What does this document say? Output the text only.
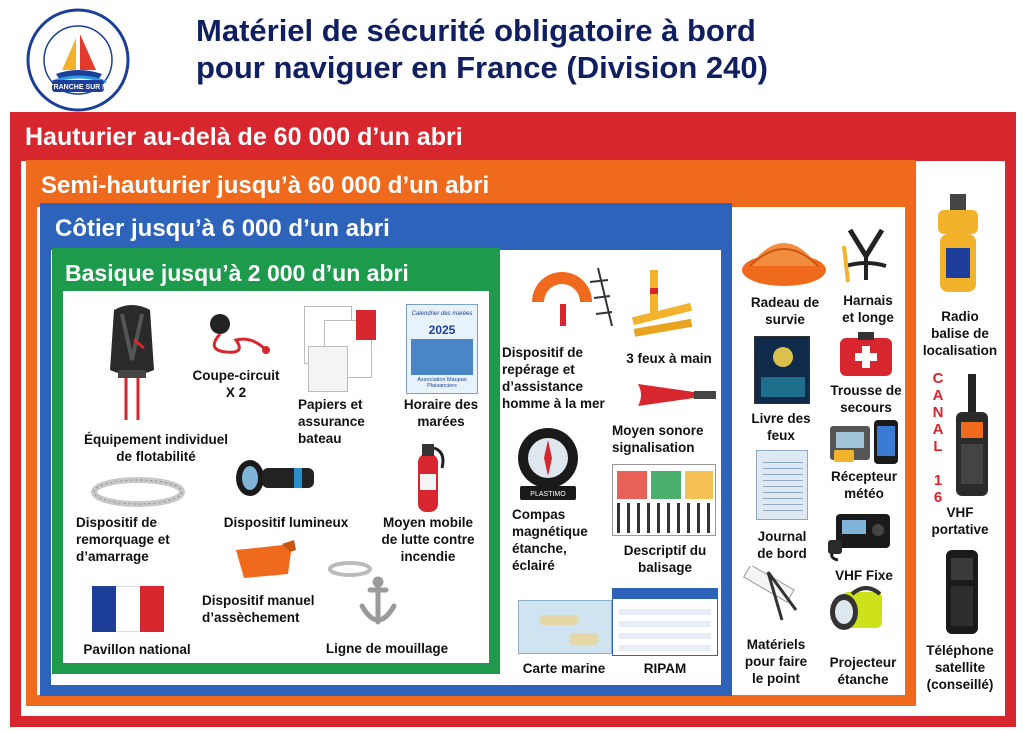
Matériel de sécurité obligatoire à bord
pour naviguer en France (Division 240)
LA TRANCHE SUR MER
Hauturier au-delà de 60 000 d’un abri
Semi-hauturier jusqu’à 60 000 d’un abri
Côtier jusqu’à 6 000 d’un abri
Basique jusqu’à 2 000 d’un abri
Équipement individuel
de flotabilité
Coupe-circuit
X 2
Papiers et
assurance
bateau
Calendrier des marées
2025
Association Maupas Plaisanciers
Horaire des
marées
Dispositif de
remorquage et
d’amarrage
Dispositif lumineux	Moyen mobile
de lutte contre
incendie
Dispositif manuel
d’assèchement
Pavillon national	Ligne de mouillage
Dispositif de
repérage et
d’assistance
homme à la mer
3 feux à main
Moyen sonore
signalisation
PLASTIMO
Compas
magnétique
étanche,
éclairé
Descriptif du
balisage
Carte marine	RIPAM
Radeau de
survie
Harnais
et longe
Livre des
feux
Trousse de
secours
Récepteur
météo
Journal
de bord
VHF Fixe
Matériels
pour faire
le point
Projecteur
étanche
Radio
balise de
localisation
C
A
N
A
L

1
6
VHF
portative
Téléphone
satellite
(conseillé)
